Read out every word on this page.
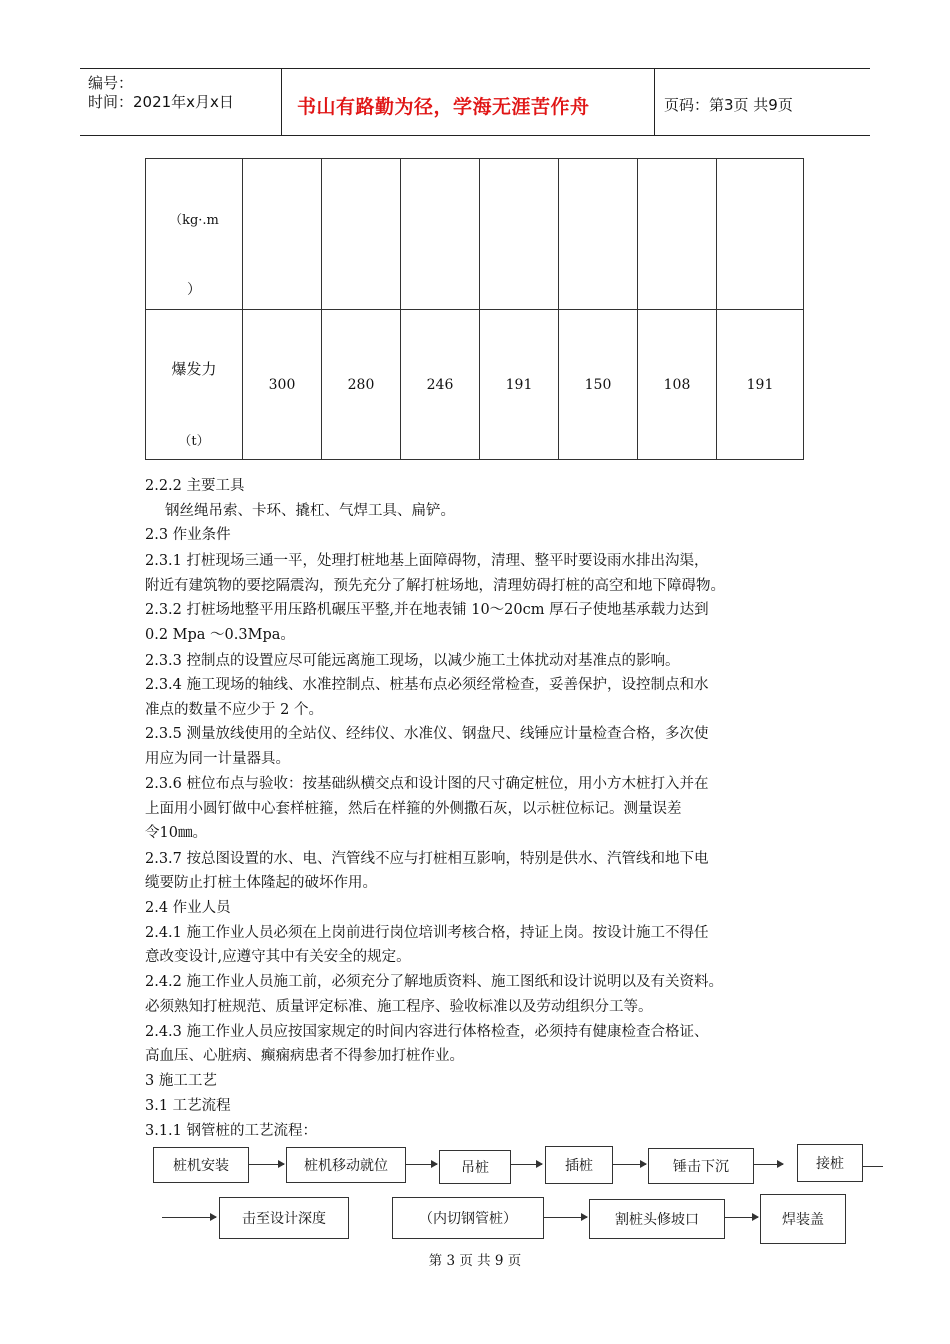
编号：
时间：2021年x月x日	书山有路勤为径，学海无涯苦作舟	页码：第3页 共9页
（kg·.m
）							

爆发力
（t）	300	280	246	191	150	108	191
2.2.2 主要工具
钢丝绳吊索、卡环、撬杠、气焊工具、扁铲。
2.3 作业条件
2.3.1 打桩现场三通一平，处理打桩地基上面障碍物，清理、整平时要设雨水排出沟渠，
附近有建筑物的要挖隔震沟，预先充分了解打桩场地，清理妨碍打桩的高空和地下障碍物。
2.3.2 打桩场地整平用压路机碾压平整,并在地表铺 10～20cm 厚石子使地基承载力达到
0.2 Mpa ～0.3Mpa。
2.3.3 控制点的设置应尽可能远离施工现场，以减少施工土体扰动对基准点的影响。
2.3.4 施工现场的轴线、水准控制点、桩基布点必须经常检查，妥善保护，设控制点和水
准点的数量不应少于 2 个。
2.3.5 测量放线使用的全站仪、经纬仪、水准仪、钢盘尺、线锤应计量检查合格，多次使
用应为同一计量器具。
2.3.6 桩位布点与验收：按基础纵横交点和设计图的尺寸确定桩位，用小方木桩打入并在
上面用小圆钉做中心套样桩箍，然后在样箍的外侧撒石灰，以示桩位标记。测量误差
令10㎜。
2.3.7 按总图设置的水、电、汽管线不应与打桩相互影响，特别是供水、汽管线和地下电
缆要防止打桩土体隆起的破坏作用。
2.4 作业人员
2.4.1 施工作业人员必须在上岗前进行岗位培训考核合格，持证上岗。按设计施工不得任
意改变设计,应遵守其中有关安全的规定。
2.4.2 施工作业人员施工前，必须充分了解地质资料、施工图纸和设计说明以及有关资料。
必须熟知打桩规范、质量评定标准、施工程序、验收标准以及劳动组织分工等。
2.4.3 施工作业人员应按国家规定的时间内容进行体格检查，必须持有健康检查合格证、
高血压、心脏病、癫痫病患者不得参加打桩作业。
3 施工工艺
3.1 工艺流程
3.1.1 钢管桩的工艺流程：
桩机安装	桩机移动就位	吊桩	插桩	锤击下沉	接桩
击至设计深度	（内切钢管桩）	割桩头修坡口	焊装盖
第 3 页 共 9 页
